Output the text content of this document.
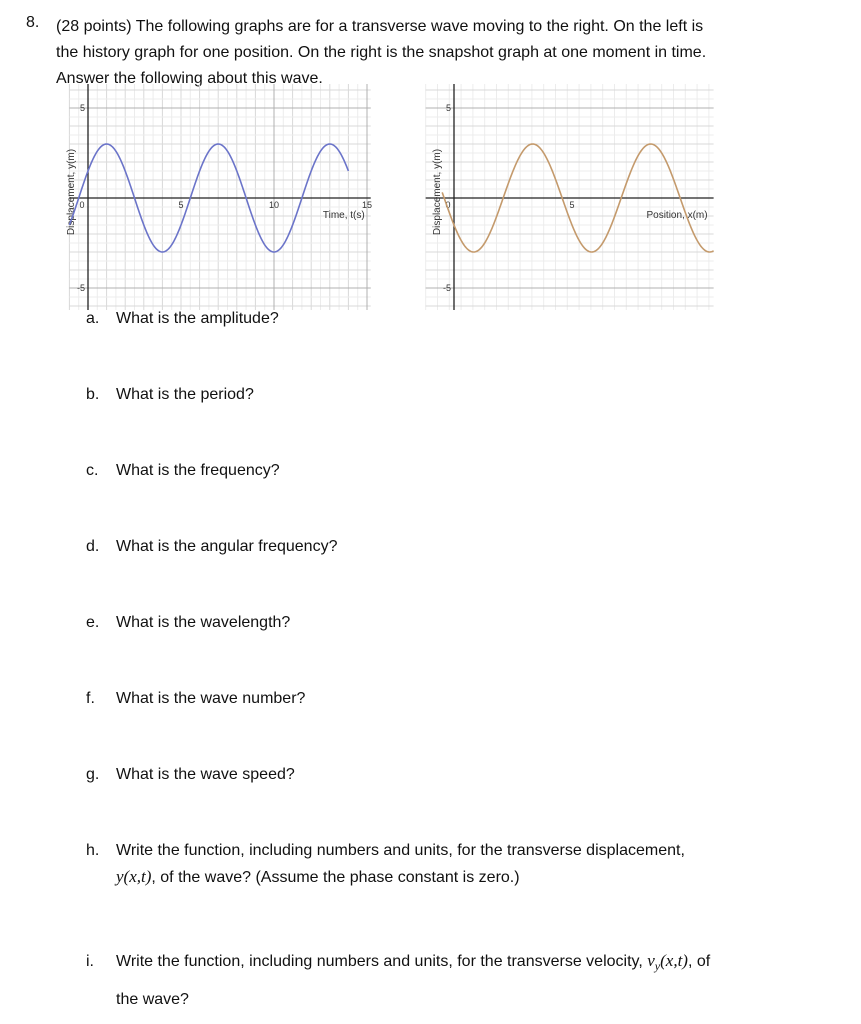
8. (28 points) The following graphs are for a transverse wave moving to the right. On the left is
the history graph for one position. On the right is the snapshot graph at one moment in time.
Answer the following about this wave.
0	5	10	15
5
-5
Time, t(s)
Displacement, y(m)	0	5
5
-5
Position, x(m)
Displacement, y(m)
a. What is the amplitude?
b. What is the period?
c. What is the frequency?
d. What is the angular frequency?
e. What is the wavelength?
f. What is the wave number?
g. What is the wave speed?
h. Write the function, including numbers and units, for the transverse displacement,
y(x,t), of the wave? (Assume the phase constant is zero.)
i. Write the function, including numbers and units, for the transverse velocity, $v_y(x,t)$, of
the wave?
